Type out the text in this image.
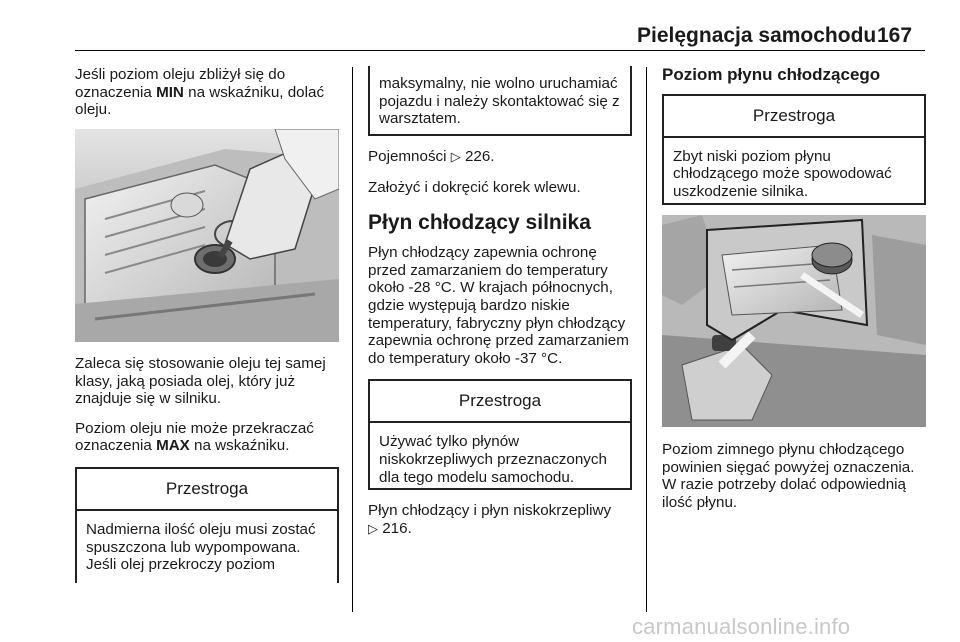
Pielęgnacja samochodu 167

Jeśli poziom oleju zbliżył się do oznaczenia MIN na wskaźniku, dolać oleju.

Zaleca się stosowanie oleju tej samej klasy, jaką posiada olej, który już znajduje się w silniku.

Poziom oleju nie może przekraczać oznaczenia MAX na wskaźniku.

Przestroga
Nadmierna ilość oleju musi zostać spuszczona lub wypompowana. Jeśli olej przekroczy poziom
maksymalny, nie wolno uruchamiać pojazdu i należy skontaktować się z warsztatem.

Pojemności ▷ 226.

Założyć i dokręcić korek wlewu.

Płyn chłodzący silnika

Płyn chłodzący zapewnia ochronę przed zamarzaniem do temperatury około -28 °C. W krajach północnych, gdzie występują bardzo niskie temperatury, fabryczny płyn chłodzący zapewnia ochronę przed zamarzaniem do temperatury około -37 °C.

Przestroga
Używać tylko płynów niskokrzepliwych przeznaczonych dla tego modelu samochodu.

Płyn chłodzący i płyn niskokrzepliwy
▷ 216.

Poziom płynu chłodzącego
Przestroga
Zbyt niski poziom płynu chłodzącego może spowodować uszkodzenie silnika.

Poziom zimnego płynu chłodzącego powinien sięgać powyżej oznaczenia. W razie potrzeby dolać odpowiednią ilość płynu.

carmanualsonline.info
